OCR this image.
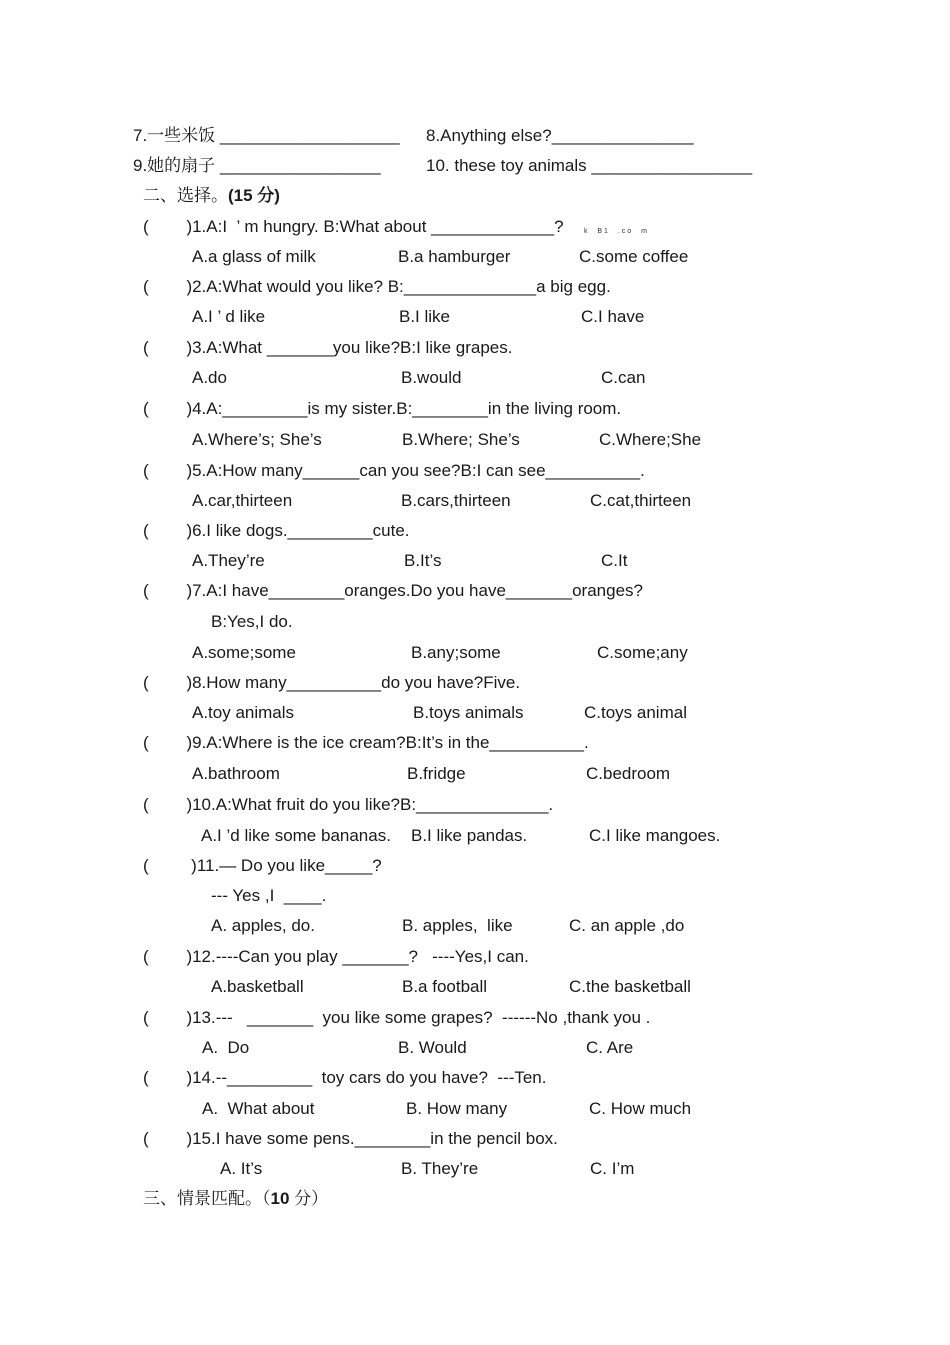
7.一些米饭 ___________________ 8.Anything else?_______________
9.她的扇子 _________________	10. these toy animals _________________
二、选择。(15 分)
(        )1.A:I  ’ m hungry. B:What about _____________?	k  B1  .co  m
A.a glass of milk	B.a hamburger	C.some coffee
(        )2.A:What would you like? B:______________a big egg.
A.I ’ d like	B.I like	C.I have
(        )3.A:What _______you like?B:I like grapes.
A.do	B.would	C.can
(        )4.A:_________is my sister.B:________in the living room.
A.Where’s; She’s	B.Where; She’s	C.Where;She
(        )5.A:How many______can you see?B:I can see__________.
A.car,thirteen	B.cars,thirteen	C.cat,thirteen
(        )6.I like dogs._________cute.
A.They’re	B.It’s	C.It
(        )7.A:I have________oranges.Do you have_______oranges?
B:Yes,I do.
A.some;some	B.any;some	C.some;any
(        )8.How many__________do you have?Five.
A.toy animals	B.toys animals	C.toys animal
(        )9.A:Where is the ice cream?B:It’s in the__________.
A.bathroom	B.fridge	C.bedroom
(        )10.A:What fruit do you like?B:______________.
A.I ’d like some bananas. B.I like pandas.	C.I like mangoes.
(         )11.— Do you like_____?
--- Yes ,I  ____.
A. apples, do.	B. apples,  like	C. an apple ,do
(        )12.----Can you play _______?   ----Yes,I can.
A.basketball	B.a football	C.the basketball
(        )13.---   _______  you like some grapes?  ------No ,thank you .
A.  Do	B. Would	C. Are
(        )14.--_________  toy cars do you have?  ---Ten.
A.  What about	B. How many	C. How much
(        )15.I have some pens.________in the pencil box.
A. It’s	B. They’re	C. I’m
三、情景匹配。（10 分）
